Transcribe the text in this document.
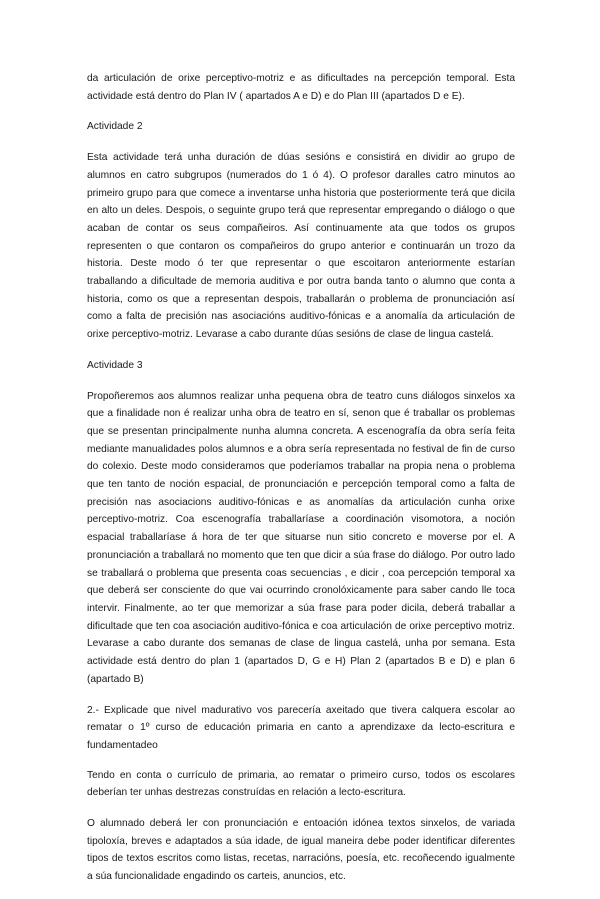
da articulación de orixe perceptivo-motriz e as dificultades na percepción temporal. Esta actividade está dentro do Plan IV ( apartados A e D) e do Plan III (apartados D e E).

Actividade 2

Esta actividade terá unha duración de dúas sesións e consistirá en dividir ao grupo de alumnos en catro subgrupos (numerados do 1 ó 4). O profesor daralles catro minutos ao primeiro grupo para que comece a inventarse unha historia que posteriormente terá que dicila en alto un deles. Despois, o seguinte grupo terá que representar empregando o diálogo o que acaban de contar os seus compañeiros. Así continuamente ata que todos os grupos representen o que contaron os compañeiros do grupo anterior e continuarán un trozo da historia. Deste modo ó ter que representar o que escoitaron anteriormente estarían traballando a dificultade de memoria auditiva e por outra banda tanto o alumno que conta a historia, como os que a representan despois, traballarán o problema de pronunciación así como a falta de precisión nas asociacións auditivo-fónicas e a anomalía da articulación de orixe perceptivo-motriz. Levarase a cabo durante dúas sesións de clase de lingua castelá.

Actividade 3

Propoñeremos aos alumnos realizar unha pequena obra de teatro cuns diálogos sinxelos xa que a finalidade non é realizar unha obra de teatro en sí, senon que é traballar os problemas que se presentan principalmente nunha alumna concreta. A escenografía da obra sería feita mediante manualidades polos alumnos e a obra sería representada no festival de fin de curso do colexio. Deste modo consideramos que poderíamos traballar na propia nena o problema que ten tanto de noción espacial, de pronunciación e percepción temporal como a falta de precisión nas asociacions auditivo-fónicas e as anomalías da articulación cunha orixe perceptivo-motriz. Coa escenografía traballaríase a coordinación visomotora, a noción espacial traballaríase á hora de ter que situarse nun sitio concreto e moverse por el. A pronunciación a traballará no momento que ten que dicir a súa frase do diálogo. Por outro lado se traballará o problema que presenta coas secuencias , e dicir , coa percepción temporal xa que deberá ser consciente do que vai ocurrindo cronolóxicamente para saber cando lle toca intervir. Finalmente, ao ter que memorizar a súa frase para poder dicila, deberá traballar a dificultade que ten coa asociación auditivo-fónica e coa articulación de orixe perceptivo motriz. Levarase a cabo durante dos semanas de clase de lingua castelá, unha por semana. Esta actividade está dentro do plan 1 (apartados D, G e H) Plan 2 (apartados B e D) e plan 6 (apartado B)

2.- Explicade que nivel madurativo vos parecería axeitado que tivera calquera escolar ao rematar o 1º curso de educación primaria en canto a aprendizaxe da lecto-escritura e fundamentadeo

Tendo en conta o currículo de primaria, ao rematar o primeiro curso, todos os escolares deberían ter unhas destrezas construídas en relación a lecto-escritura.

O alumnado deberá ler con pronunciación e entoación idónea textos sinxelos, de variada tipoloxía, breves e adaptados a súa idade, de igual maneira debe poder identificar diferentes tipos de textos escritos como listas, recetas, narracións, poesía, etc. recoñecendo igualmente a súa funcionalidade engadindo os carteis, anuncios, etc.
